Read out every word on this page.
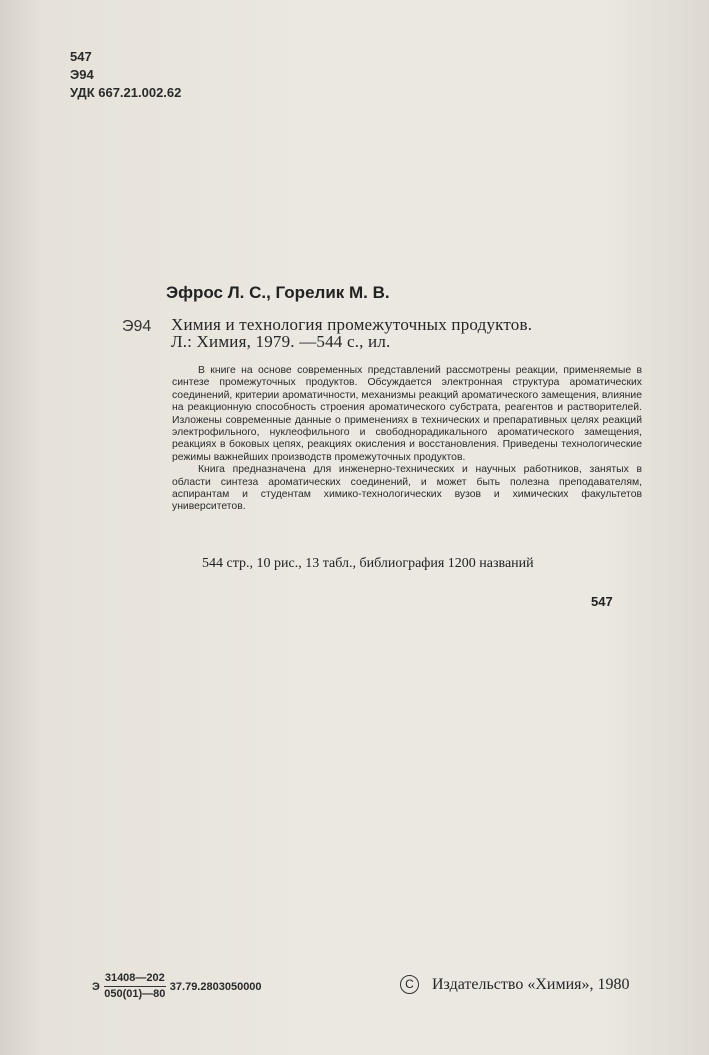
547
Э94
УДК 667.21.002.62
Эфрос Л. С., Горелик М. В.
Э94 Химия и технология промежуточных продуктов.
Л.: Химия, 1979. —544 с., ил.

В книге на основе современных представлений рассмотрены реакции, применяемые в синтезе промежуточных продуктов. Обсуждается электронная структура ароматических соединений, критерии ароматичности, механизмы реакций ароматического замещения, влияние на реакционную способность строения ароматического субстрата, реагентов и растворителей. Изложены современные данные о применениях в технических и препаративных целях реакций электрофильного, нуклеофильного и свободнорадикального ароматического замещения, реакциях в боковых цепях, реакциях окисления и восстановления. Приведены технологические режимы важнейших производств промежуточных продуктов.

Книга предназначена для инженерно-технических и научных работников, занятых в области синтеза ароматических соединений, и может быть полезна преподавателям, аспирантам и студентам химико-технологических вузов и химических факультетов университетов.

544 стр., 10 рис., 13 табл., библиография 1200 названий
547
Э $\frac{31408—202}{050(01)—80} 37.79.2803050000$	C	Издательство «Химия», 1980
